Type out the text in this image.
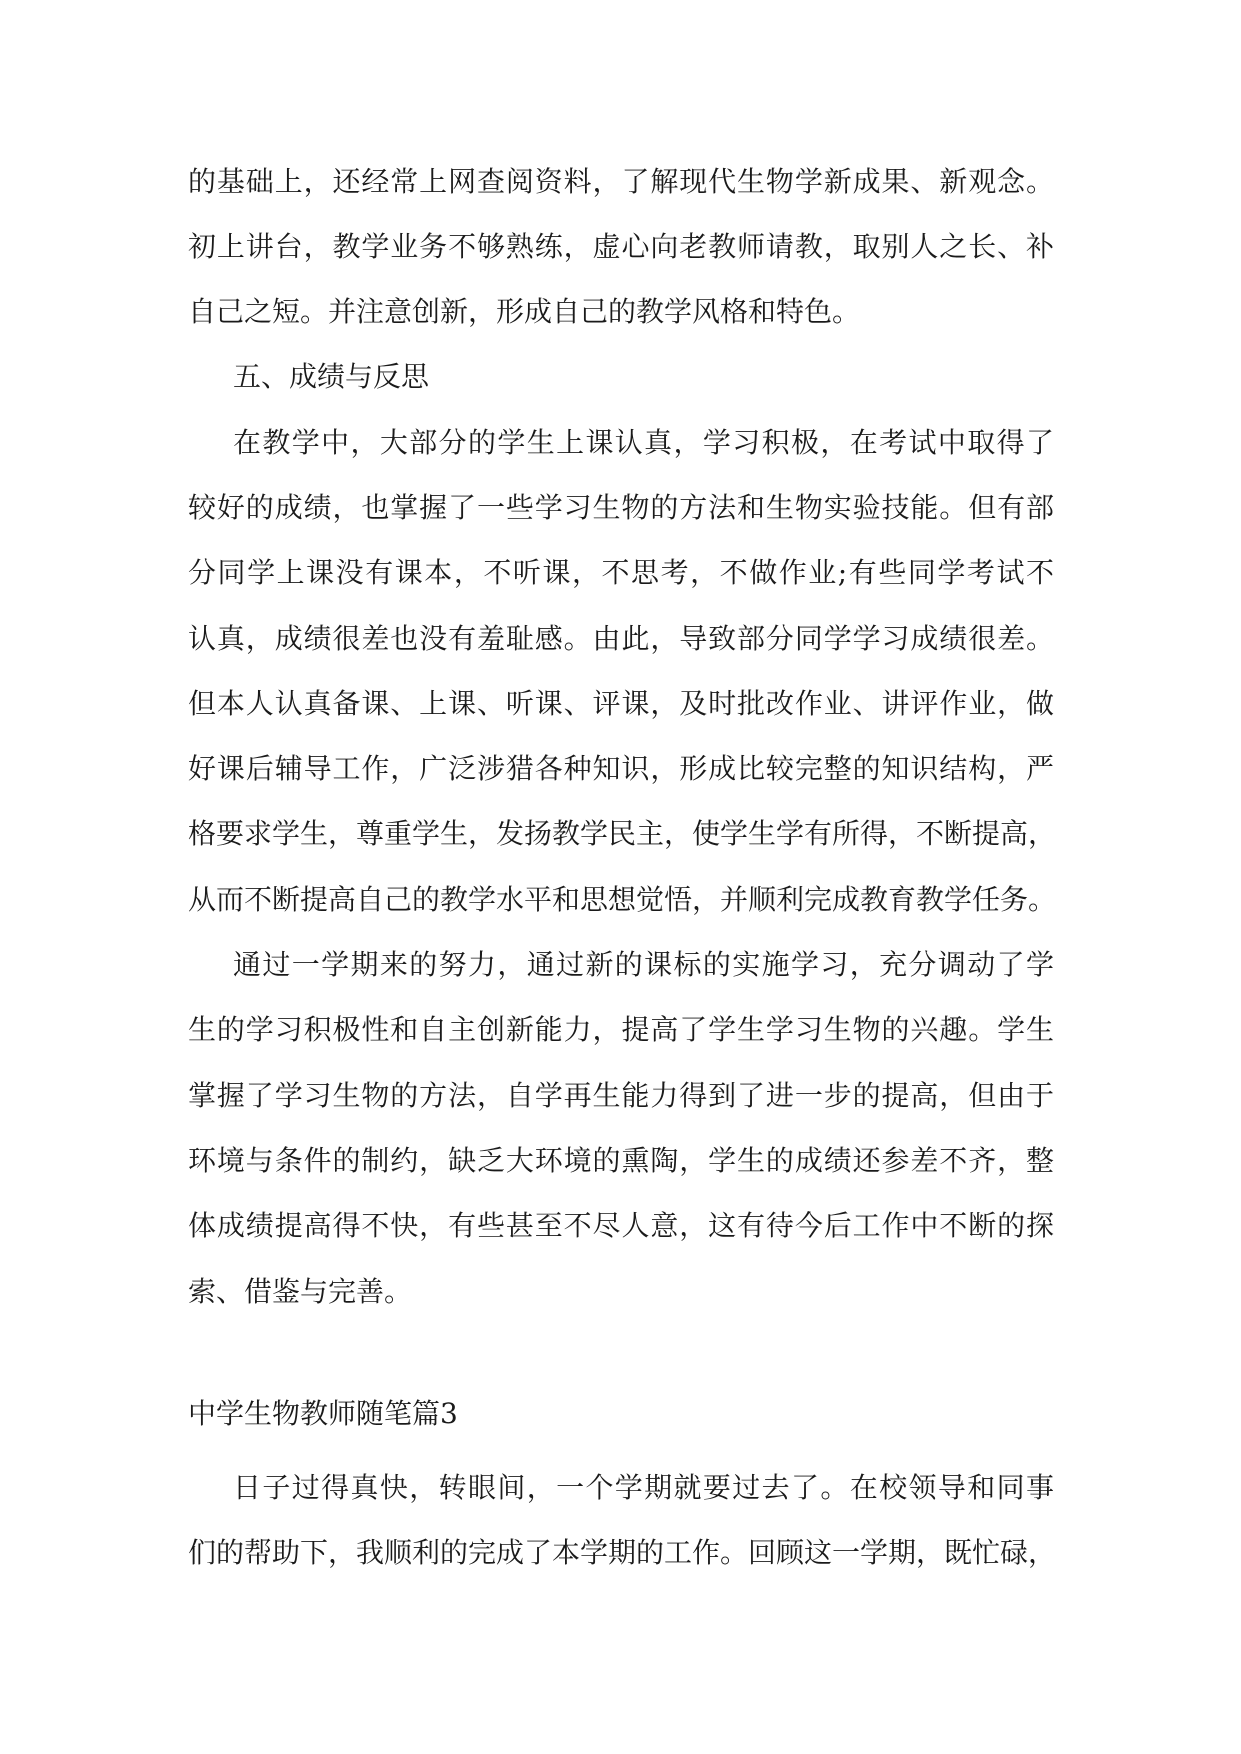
的基础上，还经常上网查阅资料，了解现代生物学新成果、新观念。
初上讲台，教学业务不够熟练，虚心向老教师请教，取别人之长、补
自己之短。并注意创新，形成自己的教学风格和特色。
五、成绩与反思
在教学中，大部分的学生上课认真，学习积极，在考试中取得了
较好的成绩，也掌握了一些学习生物的方法和生物实验技能。但有部
分同学上课没有课本，不听课，不思考，不做作业;有些同学考试不
认真，成绩很差也没有羞耻感。由此，导致部分同学学习成绩很差。
但本人认真备课、上课、听课、评课，及时批改作业、讲评作业，做
好课后辅导工作，广泛涉猎各种知识，形成比较完整的知识结构，严
格要求学生，尊重学生，发扬教学民主，使学生学有所得，不断提高，
从而不断提高自己的教学水平和思想觉悟，并顺利完成教育教学任务。
通过一学期来的努力，通过新的课标的实施学习，充分调动了学
生的学习积极性和自主创新能力，提高了学生学习生物的兴趣。学生
掌握了学习生物的方法，自学再生能力得到了进一步的提高，但由于
环境与条件的制约，缺乏大环境的熏陶，学生的成绩还参差不齐，整
体成绩提高得不快，有些甚至不尽人意，这有待今后工作中不断的探
索、借鉴与完善。
中学生物教师随笔篇3
日子过得真快，转眼间，一个学期就要过去了。在校领导和同事
们的帮助下，我顺利的完成了本学期的工作。回顾这一学期，既忙碌，
